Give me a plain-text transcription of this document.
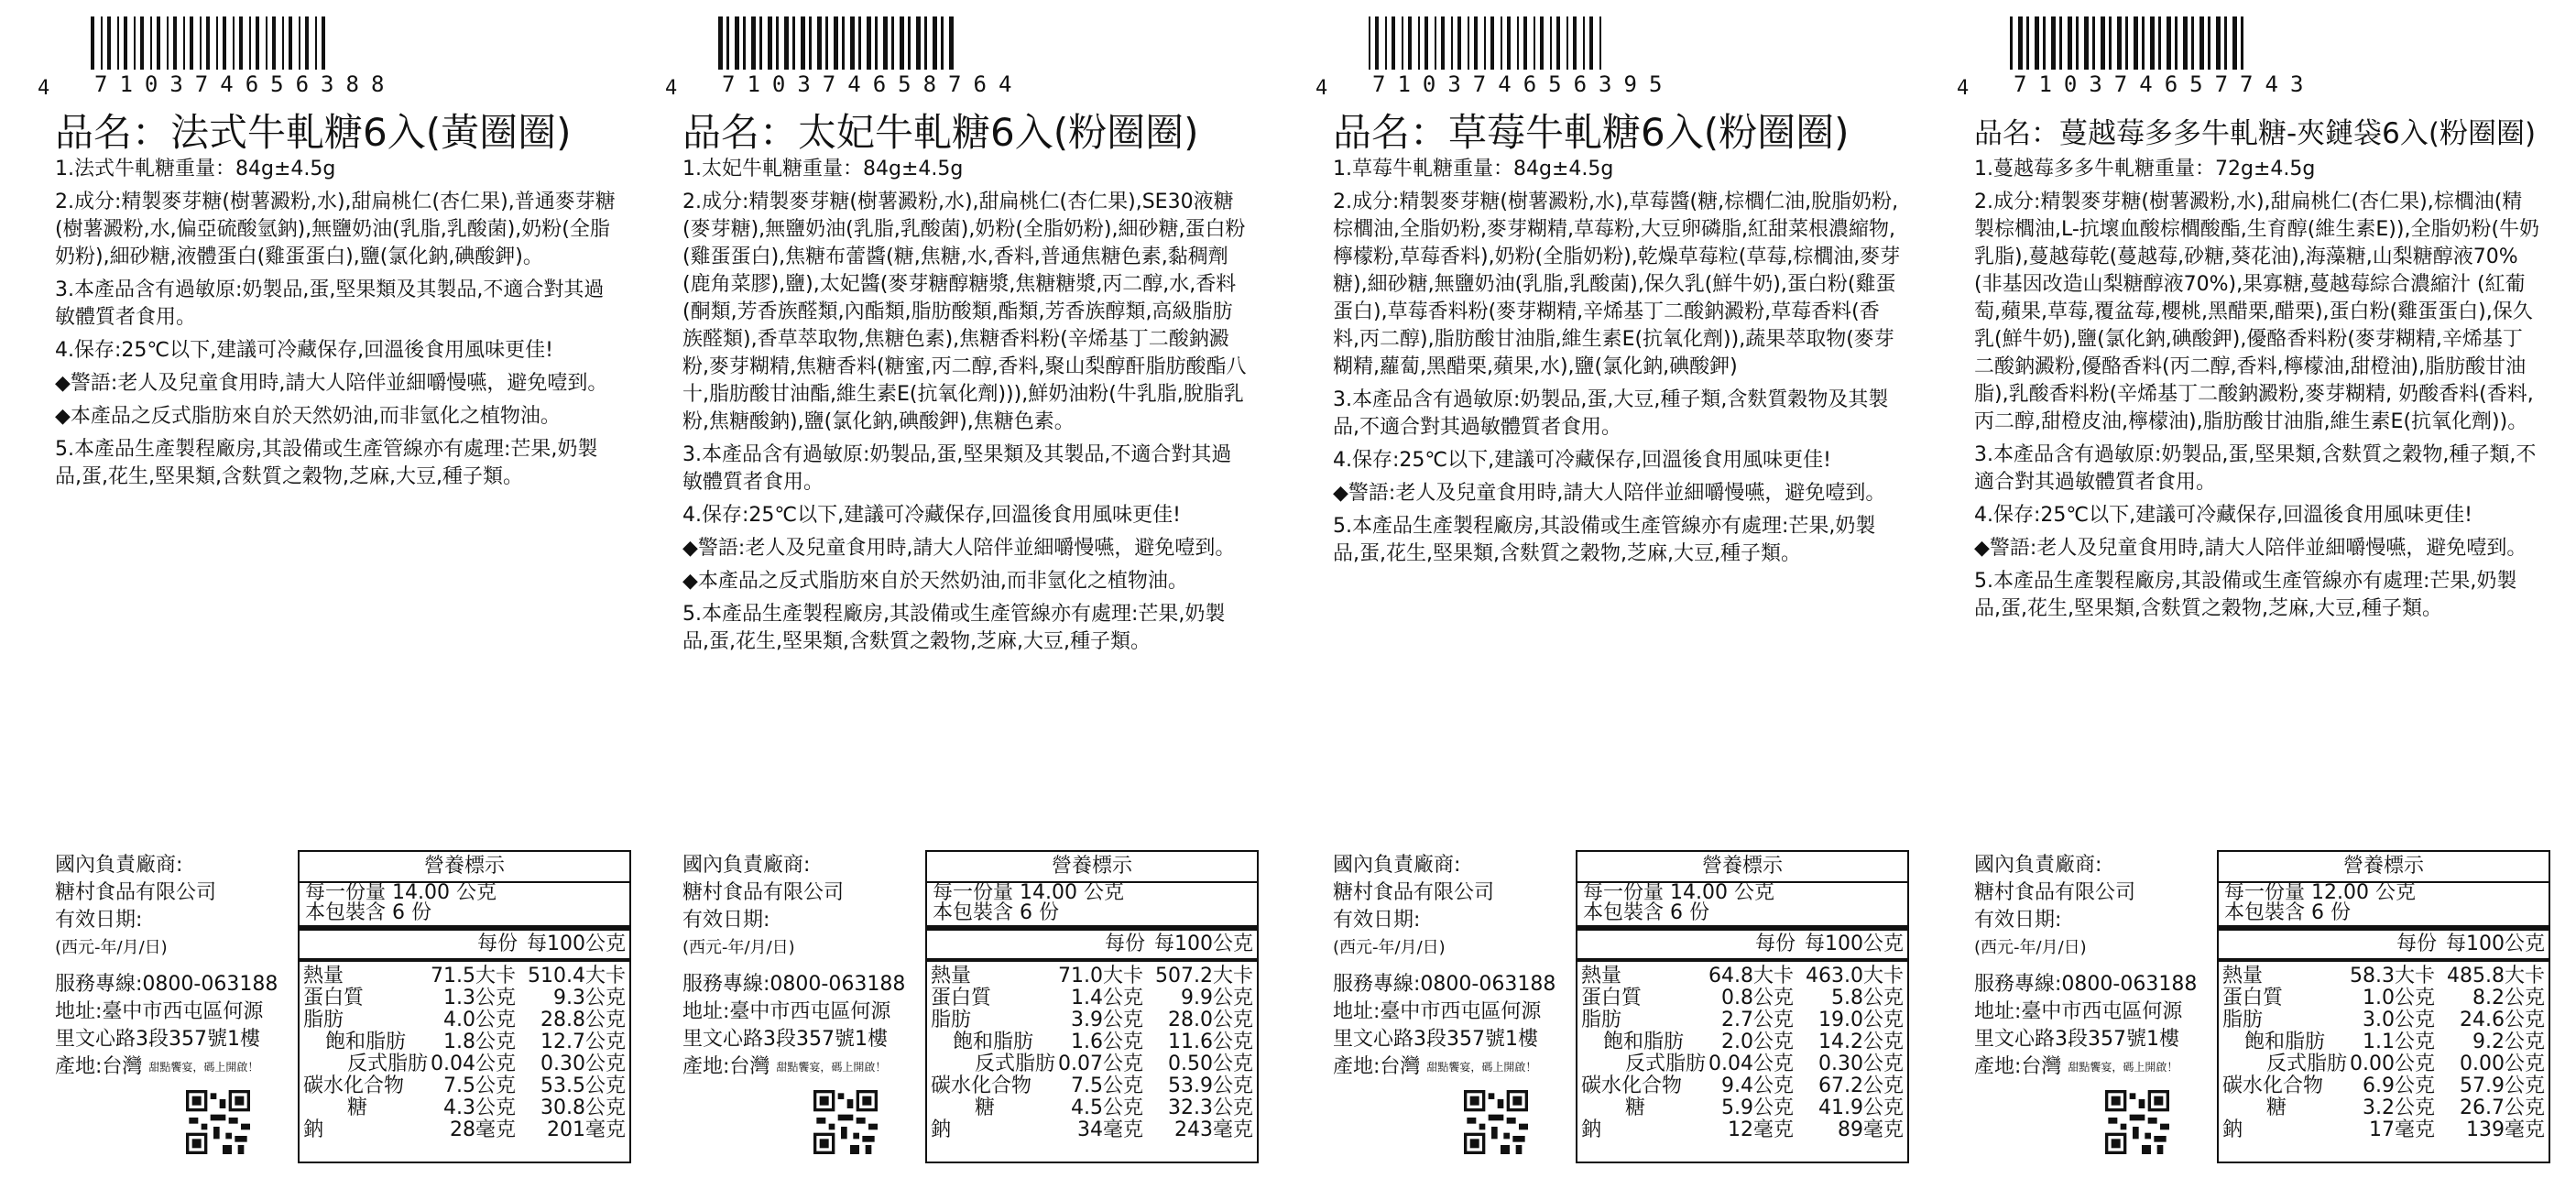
4 710374656388
品名：法式牛軋糖6入(黃圈圈)

1.法式牛軋糖重量：84g±4.5g

2.成分:精製麥芽糖(樹薯澱粉,水),甜扁桃仁(杏仁果),普通麥芽糖(樹薯澱粉,水,偏亞硫酸氫鈉),無鹽奶油(乳脂,乳酸菌),奶粉(全脂奶粉),細砂糖,液體蛋白(雞蛋蛋白),鹽(氯化鈉,碘酸鉀)。

3.本產品含有過敏原:奶製品,蛋,堅果類及其製品,不適合對其過敏體質者食用。

4.保存:25℃以下,建議可冷藏保存,回溫後食用風味更佳!

◆警語:老人及兒童食用時,請大人陪伴並細嚼慢嚥，避免噎到。

◆本產品之反式脂肪來自於天然奶油,而非氫化之植物油。

5.本產品生產製程廠房,其設備或生產管線亦有處理:芒果,奶製品,蛋,花生,堅果類,含麩質之穀物,芝麻,大豆,種子類。

國內負責廠商:
糖村食品有限公司
有效日期:
(西元-年/月/日)
服務專線:0800-063188
地址:臺中市西屯區何源
里文心路3段357號1樓
產地:台灣 甜點饗宴，碼上開啟！
營養標示
每一份量 14.00 公克
本包裝含 6 份
每份 每100公克
熱量	71.5大卡 510.4大卡
蛋白質	1.3公克	9.3公克
脂肪	4.0公克	28.8公克
飽和脂肪	1.8公克	12.7公克
反式脂肪 0.04公克	0.30公克
碳水化合物	7.5公克	53.5公克
糖	4.3公克	30.8公克
鈉	28毫克	201毫克
4 710374658764
品名：太妃牛軋糖6入(粉圈圈)

1.太妃牛軋糖重量：84g±4.5g

2.成分:精製麥芽糖(樹薯澱粉,水),甜扁桃仁(杏仁果),SE30液糖(麥芽糖),無鹽奶油(乳脂,乳酸菌),奶粉(全脂奶粉),細砂糖,蛋白粉(雞蛋蛋白),焦糖布蕾醬(糖,焦糖,水,香料,普通焦糖色素,黏稠劑(鹿角菜膠),鹽),太妃醬(麥芽糖醇糖漿,焦糖糖漿,丙二醇,水,香料(酮類,芳香族醛類,內酯類,脂肪酸類,酯類,芳香族醇類,高級脂肪族醛類),香草萃取物,焦糖色素),焦糖香料粉(辛烯基丁二酸鈉澱粉,麥芽糊精,焦糖香料(糖蜜,丙二醇,香料,聚山梨醇酐脂肪酸酯八十,脂肪酸甘油酯,維生素E(抗氧化劑))),鮮奶油粉(牛乳脂,脫脂乳粉,焦糖酸鈉),鹽(氯化鈉,碘酸鉀),焦糖色素。

3.本產品含有過敏原:奶製品,蛋,堅果類及其製品,不適合對其過敏體質者食用。

4.保存:25℃以下,建議可冷藏保存,回溫後食用風味更佳!

◆警語:老人及兒童食用時,請大人陪伴並細嚼慢嚥，避免噎到。

◆本產品之反式脂肪來自於天然奶油,而非氫化之植物油。

5.本產品生產製程廠房,其設備或生產管線亦有處理:芒果,奶製品,蛋,花生,堅果類,含麩質之穀物,芝麻,大豆,種子類。

國內負責廠商:
糖村食品有限公司
有效日期:
(西元-年/月/日)
服務專線:0800-063188
地址:臺中市西屯區何源
里文心路3段357號1樓
產地:台灣 甜點饗宴，碼上開啟！
營養標示
每一份量 14.00 公克
本包裝含 6 份
每份 每100公克
熱量	71.0大卡 507.2大卡
蛋白質	1.4公克	9.9公克
脂肪	3.9公克	28.0公克
飽和脂肪	1.6公克	11.6公克
反式脂肪 0.07公克	0.50公克
碳水化合物	7.5公克	53.9公克
糖	4.5公克	32.3公克
鈉	34毫克	243毫克
4 710374656395
品名：草莓牛軋糖6入(粉圈圈)

1.草莓牛軋糖重量：84g±4.5g

2.成分:精製麥芽糖(樹薯澱粉,水),草莓醬(糖,棕櫚仁油,脫脂奶粉,棕櫚油,全脂奶粉,麥芽糊精,草莓粉,大豆卵磷脂,紅甜菜根濃縮物,檸檬粉,草莓香料),奶粉(全脂奶粉),乾燥草莓粒(草莓,棕櫚油,麥芽糖),細砂糖,無鹽奶油(乳脂,乳酸菌),保久乳(鮮牛奶),蛋白粉(雞蛋蛋白),草莓香料粉(麥芽糊精,辛烯基丁二酸鈉澱粉,草莓香料(香料,丙二醇),脂肪酸甘油脂,維生素E(抗氧化劑)),蔬果萃取物(麥芽糊精,蘿蔔,黑醋栗,蘋果,水),鹽(氯化鈉,碘酸鉀)

3.本產品含有過敏原:奶製品,蛋,大豆,種子類,含麩質穀物及其製品,不適合對其過敏體質者食用。

4.保存:25℃以下,建議可冷藏保存,回溫後食用風味更佳!

◆警語:老人及兒童食用時,請大人陪伴並細嚼慢嚥，避免噎到。

5.本產品生產製程廠房,其設備或生產管線亦有處理:芒果,奶製品,蛋,花生,堅果類,含麩質之穀物,芝麻,大豆,種子類。

國內負責廠商:
糖村食品有限公司
有效日期:
(西元-年/月/日)
服務專線:0800-063188
地址:臺中市西屯區何源
里文心路3段357號1樓
產地:台灣 甜點饗宴，碼上開啟！
營養標示
每一份量 14.00 公克
本包裝含 6 份
每份 每100公克
熱量	64.8大卡 463.0大卡
蛋白質	0.8公克	5.8公克
脂肪	2.7公克	19.0公克
飽和脂肪	2.0公克	14.2公克
反式脂肪 0.04公克	0.30公克
碳水化合物	9.4公克	67.2公克
糖	5.9公克	41.9公克
鈉	12毫克	89毫克
4 710374657743
品名：蔓越莓多多牛軋糖-夾鏈袋6入(粉圈圈)

1.蔓越莓多多牛軋糖重量：72g±4.5g

2.成分:精製麥芽糖(樹薯澱粉,水),甜扁桃仁(杏仁果),棕櫚油(精製棕櫚油,L-抗壞血酸棕櫚酸酯,生育醇(維生素E)),全脂奶粉(牛奶乳脂),蔓越莓乾(蔓越莓,砂糖,葵花油),海藻糖,山梨糖醇液70%(非基因改造山梨糖醇液70%),果寡糖,蔓越莓綜合濃縮汁 (紅葡萄,蘋果,草莓,覆盆莓,櫻桃,黑醋栗,醋栗),蛋白粉(雞蛋蛋白),保久乳(鮮牛奶),鹽(氯化鈉,碘酸鉀),優酪香料粉(麥芽糊精,辛烯基丁二酸鈉澱粉,優酪香料(丙二醇,香料,檸檬油,甜橙油),脂肪酸甘油脂),乳酸香料粉(辛烯基丁二酸鈉澱粉,麥芽糊精, 奶酸香料(香料,丙二醇,甜橙皮油,檸檬油),脂肪酸甘油脂,維生素E(抗氧化劑))。

3.本產品含有過敏原:奶製品,蛋,堅果類,含麩質之穀物,種子類,不適合對其過敏體質者食用。

4.保存:25℃以下,建議可冷藏保存,回溫後食用風味更佳!

◆警語:老人及兒童食用時,請大人陪伴並細嚼慢嚥，避免噎到。

5.本產品生產製程廠房,其設備或生產管線亦有處理:芒果,奶製品,蛋,花生,堅果類,含麩質之穀物,芝麻,大豆,種子類。

國內負責廠商:
糖村食品有限公司
有效日期:
(西元-年/月/日)
服務專線:0800-063188
地址:臺中市西屯區何源
里文心路3段357號1樓
產地:台灣 甜點饗宴，碼上開啟！
營養標示
每一份量 12.00 公克
本包裝含 6 份
每份 每100公克
熱量	58.3大卡 485.8大卡
蛋白質	1.0公克	8.2公克
脂肪	3.0公克	24.6公克
飽和脂肪	1.1公克	9.2公克
反式脂肪 0.00公克	0.00公克
碳水化合物	6.9公克	57.9公克
糖	3.2公克	26.7公克
鈉	17毫克	139毫克
